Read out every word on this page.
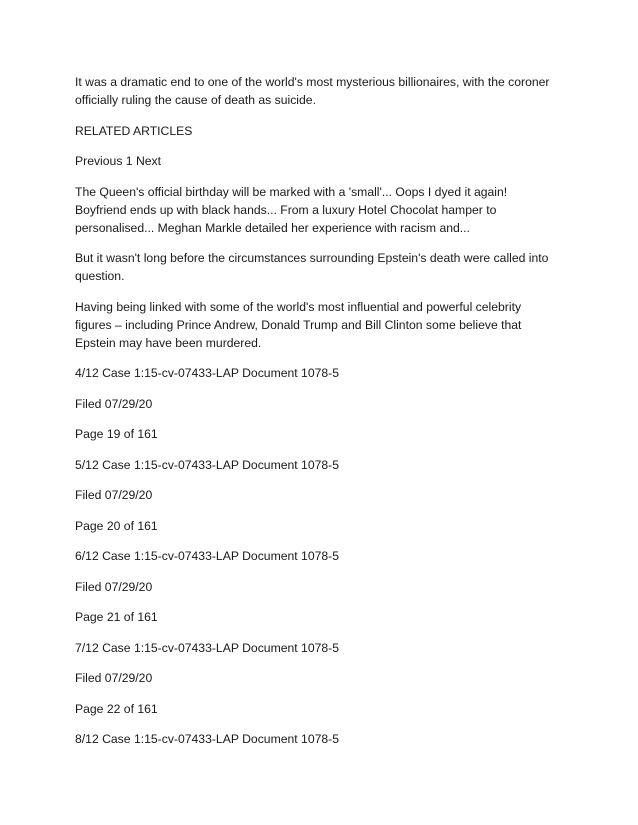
It was a dramatic end to one of the world's most mysterious billionaires, with the coroner officially ruling the cause of death as suicide.

RELATED ARTICLES

Previous 1 Next

The Queen's official birthday will be marked with a 'small'... Oops I dyed it again! Boyfriend ends up with black hands... From a luxury Hotel Chocolat hamper to personalised... Meghan Markle detailed her experience with racism and...

But it wasn't long before the circumstances surrounding Epstein's death were called into question.

Having being linked with some of the world's most influential and powerful celebrity figures – including Prince Andrew, Donald Trump and Bill Clinton some believe that Epstein may have been murdered.

4/12 Case 1:15-cv-07433-LAP Document 1078-5

Filed 07/29/20

Page 19 of 161

5/12 Case 1:15-cv-07433-LAP Document 1078-5

Filed 07/29/20

Page 20 of 161

6/12 Case 1:15-cv-07433-LAP Document 1078-5

Filed 07/29/20

Page 21 of 161

7/12 Case 1:15-cv-07433-LAP Document 1078-5

Filed 07/29/20

Page 22 of 161

8/12 Case 1:15-cv-07433-LAP Document 1078-5
